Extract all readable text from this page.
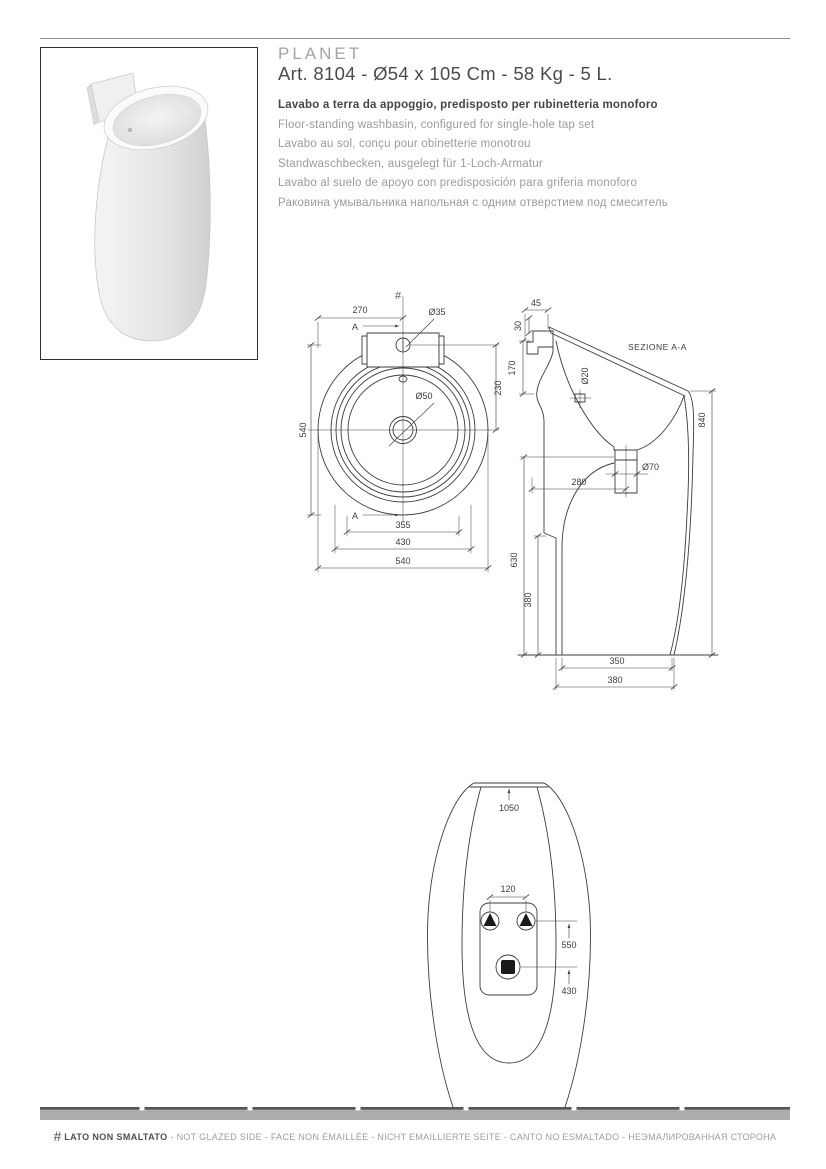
PLANET
Art. 8104 - Ø54 x 105 Cm - 58 Kg - 5 L.
Lavabo a terra da appoggio, predisposto per rubinetteria monoforo
Floor-standing washbasin, configured for single-hole tap set
Lavabo au sol, conçu pour obinetterie monotrou
Standwaschbecken, ausgelegt für 1-Loch-Armatur
Lavabo al suelo de apoyo con predisposición para griferia monoforo
Раковина умывальника напольная с одним отверстием под смеситель
#
270
A
Ø35
540
230
Ø50
A
355
430
540
SEZIONE A-A
45
30
170	Ø20
840
Ø70
280
630
380
350
380
1050
120
550
430
# LATO NON SMALTATO - NOT GLAZED SIDE - FACE NON ÉMAILLÉE - NICHT EMAILLIERTE SEITE - CANTO NO ESMALTADO - НЕЭМАЛИРОВАННАЯ СТОРОНА
